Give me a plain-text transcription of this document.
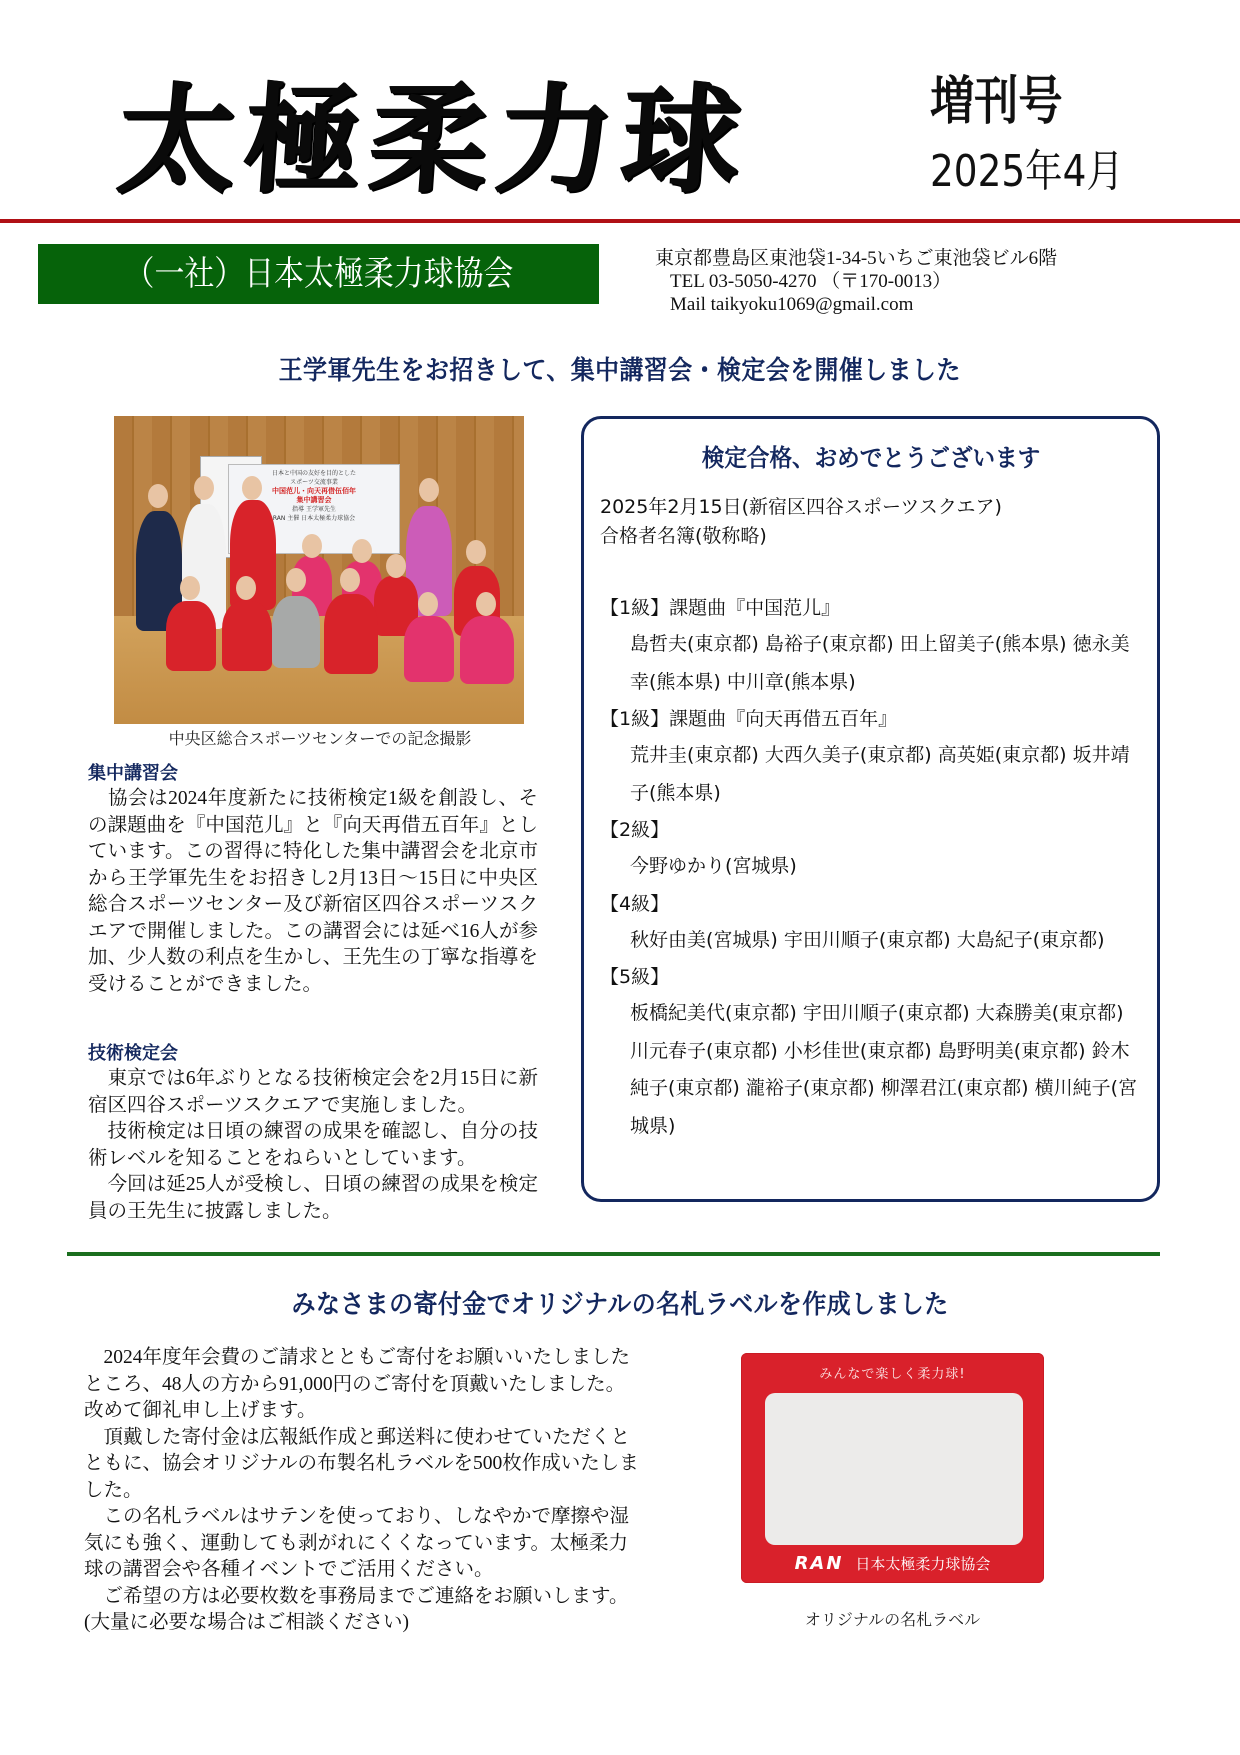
太極柔力球	増刊号
2025年4月
（一社）日本太極柔力球協会	東京都豊島区東池袋1-34-5いちご東池袋ビル6階
TEL 03-5050-4270 （〒170-0013）
Mail taikyoku1069@gmail.com
王学軍先生をお招きして、集中講習会・検定会を開催しました
日本と中国の友好を目的とした
スポーツ交流事業
中国范儿・向天再借伍佰年
集中講習会
指導 王学軍先生
RAN 主催 日本太極柔力球協会
中央区総合スポーツセンターでの記念撮影
集中講習会
　協会は2024年度新たに技術検定1級を創設し、その課題曲を『中国范儿』と『向天再借五百年』としています。この習得に特化した集中講習会を北京市から王学軍先生をお招きし2月13日～15日に中央区総合スポーツセンター及び新宿区四谷スポーツスクエアで開催しました。この講習会には延べ16人が参加、少人数の利点を生かし、王先生の丁寧な指導を受けることができました。
技術検定会
　東京では6年ぶりとなる技術検定会を2月15日に新宿区四谷スポーツスクエアで実施しました。
　技術検定は日頃の練習の成果を確認し、自分の技術レベルを知ることをねらいとしています。
　今回は延25人が受検し、日頃の練習の成果を検定員の王先生に披露しました。
検定合格、おめでとうございます
2025年2月15日(新宿区四谷スポーツスクエア)
合格者名簿(敬称略)
【1級】課題曲『中国范儿』
島哲夫(東京都) 島裕子(東京都) 田上留美子(熊本県) 徳永美幸(熊本県) 中川章(熊本県)
【1級】課題曲『向天再借五百年』
荒井圭(東京都) 大西久美子(東京都) 高英姫(東京都) 坂井靖子(熊本県)
【2級】
今野ゆかり(宮城県)
【4級】
秋好由美(宮城県) 宇田川順子(東京都) 大島紀子(東京都)
【5級】
板橋紀美代(東京都) 宇田川順子(東京都) 大森勝美(東京都) 川元春子(東京都) 小杉佳世(東京都) 島野明美(東京都) 鈴木純子(東京都) 瀧裕子(東京都) 柳澤君江(東京都) 横川純子(宮城県)
みなさまの寄付金でオリジナルの名札ラベルを作成しました
　2024年度年会費のご請求とともご寄付をお願いいたしましたところ、48人の方から91,000円のご寄付を頂戴いたしました。改めて御礼申し上げます。
　頂戴した寄付金は広報紙作成と郵送料に使わせていただくとともに、協会オリジナルの布製名札ラベルを500枚作成いたしました。
　この名札ラベルはサテンを使っており、しなやかで摩擦や湿気にも強く、運動しても剥がれにくくなっています。太極柔力球の講習会や各種イベントでご活用ください。
　ご希望の方は必要枚数を事務局までご連絡をお願いします。(大量に必要な場合はご相談ください)
みんなで楽しく柔力球!
RAN 日本太極柔力球協会
オリジナルの名札ラベル
